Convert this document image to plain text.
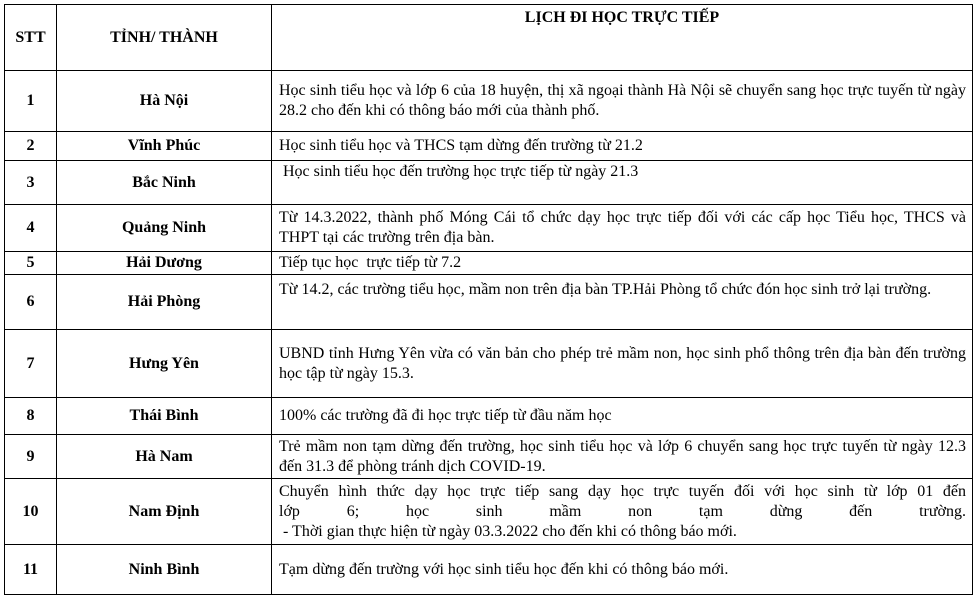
STT	TỈNH/ THÀNH	LỊCH ĐI HỌC TRỰC TIẾP
1	Hà Nội	Học sinh tiểu học và lớp 6 của 18 huyện, thị xã ngoại thành Hà Nội sẽ chuyển sang học trực tuyến từ ngày 28.2 cho đến khi có thông báo mới của thành phố.
2	Vĩnh Phúc	Học sinh tiểu học và THCS tạm dừng đến trường từ 21.2
3	Bắc Ninh	Học sinh tiểu học đến trường học trực tiếp từ ngày 21.3
4	Quảng Ninh	Từ 14.3.2022, thành phố Móng Cái tổ chức dạy học trực tiếp đối với các cấp học Tiểu học, THCS và THPT tại các trường trên địa bàn.
5	Hải Dương	Tiếp tục học  trực tiếp từ 7.2
6	Hải Phòng	Từ 14.2, các trường tiểu học, mầm non trên địa bàn TP.Hải Phòng tổ chức đón học sinh trở lại trường.
7	Hưng Yên	UBND tỉnh Hưng Yên vừa có văn bản cho phép trẻ mầm non, học sinh phổ thông trên địa bàn đến trường học tập từ ngày 15.3.
8	Thái Bình	100% các trường đã đi học trực tiếp từ đầu năm học
9	Hà Nam	Trẻ mầm non tạm dừng đến trường, học sinh tiểu học và lớp 6 chuyển sang học trực tuyến từ ngày 12.3 đến 31.3 để phòng tránh dịch COVID-19.
10	Nam Định	Chuyển hình thức dạy học trực tiếp sang dạy học trực tuyến đối với học sinh từ lớp 01 đến
lớp 6; học sinh mầm non tạm dừng đến trường.
- Thời gian thực hiện từ ngày 03.3.2022 cho đến khi có thông báo mới.

11	Ninh Bình	Tạm dừng đến trường với học sinh tiểu học đến khi có thông báo mới.
